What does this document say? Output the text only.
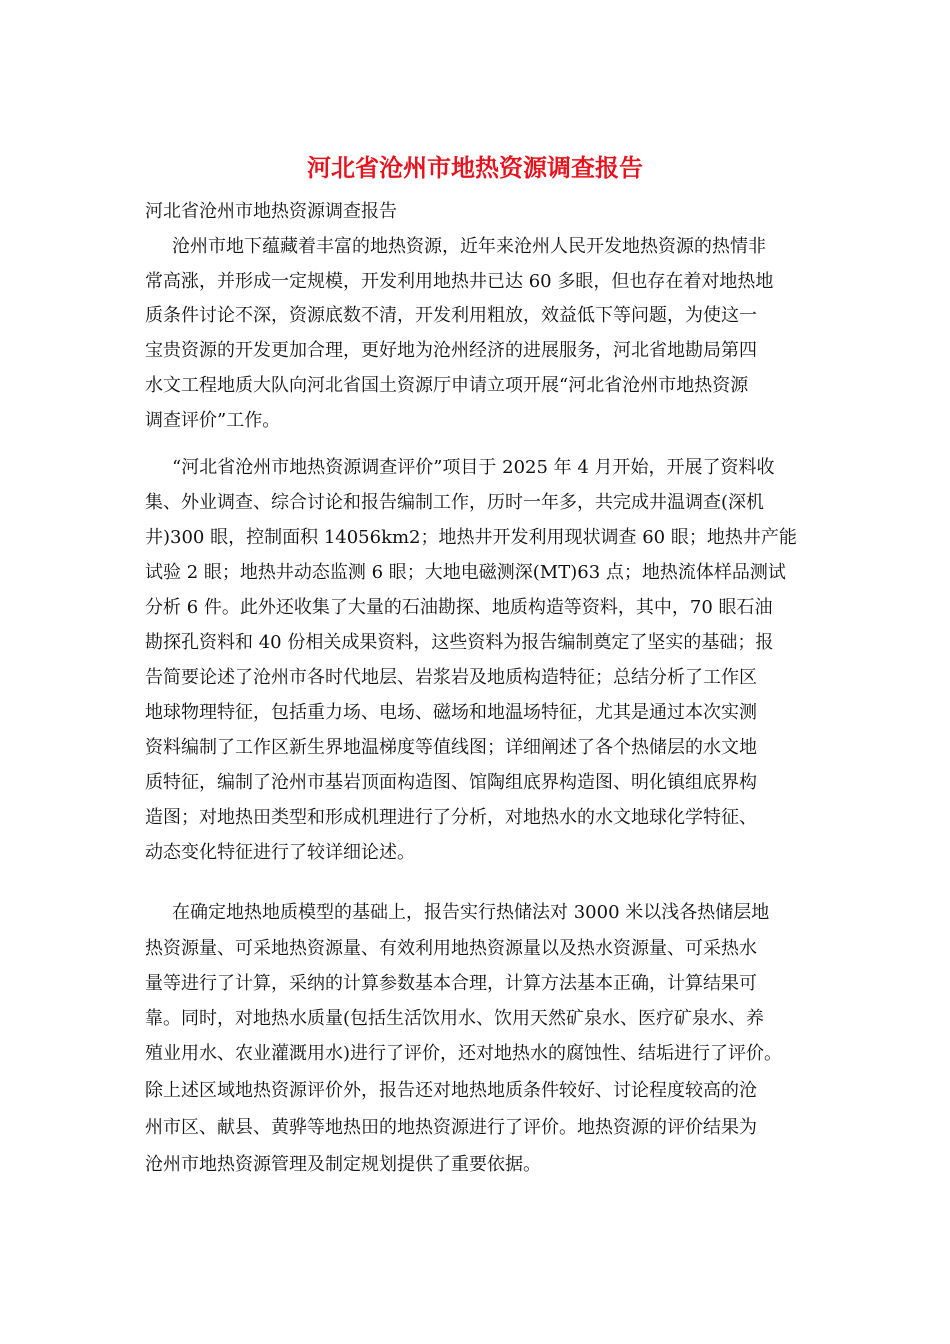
河北省沧州市地热资源调查报告

河北省沧州市地热资源调查报告

沧州市地下蕴藏着丰富的地热资源，近年来沧州人民开发地热资源的热情非

常高涨，并形成一定规模，开发利用地热井已达 60 多眼，但也存在着对地热地

质条件讨论不深，资源底数不清，开发利用粗放，效益低下等问题，为使这一

宝贵资源的开发更加合理，更好地为沧州经济的进展服务，河北省地勘局第四

水文工程地质大队向河北省国土资源厅申请立项开展“河北省沧州市地热资源

调查评价”工作。

“河北省沧州市地热资源调查评价”项目于 2025 年 4 月开始，开展了资料收

集、外业调查、综合讨论和报告编制工作，历时一年多，共完成井温调查(深机

井)300 眼，控制面积 14056km2；地热井开发利用现状调查 60 眼；地热井产能

试验 2 眼；地热井动态监测 6 眼；大地电磁测深(MT)63 点；地热流体样品测试

分析 6 件。此外还收集了大量的石油勘探、地质构造等资料，其中，70 眼石油

勘探孔资料和 40 份相关成果资料，这些资料为报告编制奠定了坚实的基础；报

告简要论述了沧州市各时代地层、岩浆岩及地质构造特征；总结分析了工作区

地球物理特征，包括重力场、电场、磁场和地温场特征，尤其是通过本次实测

资料编制了工作区新生界地温梯度等值线图；详细阐述了各个热储层的水文地

质特征，编制了沧州市基岩顶面构造图、馆陶组底界构造图、明化镇组底界构

造图；对地热田类型和形成机理进行了分析，对地热水的水文地球化学特征、

动态变化特征进行了较详细论述。

在确定地热地质模型的基础上，报告实行热储法对 3000 米以浅各热储层地

热资源量、可采地热资源量、有效利用地热资源量以及热水资源量、可采热水

量等进行了计算，采纳的计算参数基本合理，计算方法基本正确，计算结果可

靠。同时，对地热水质量(包括生活饮用水、饮用天然矿泉水、医疗矿泉水、养

殖业用水、农业灌溉用水)进行了评价，还对地热水的腐蚀性、结垢进行了评价。

除上述区域地热资源评价外，报告还对地热地质条件较好、讨论程度较高的沧

州市区、献县、黄骅等地热田的地热资源进行了评价。地热资源的评价结果为

沧州市地热资源管理及制定规划提供了重要依据。
